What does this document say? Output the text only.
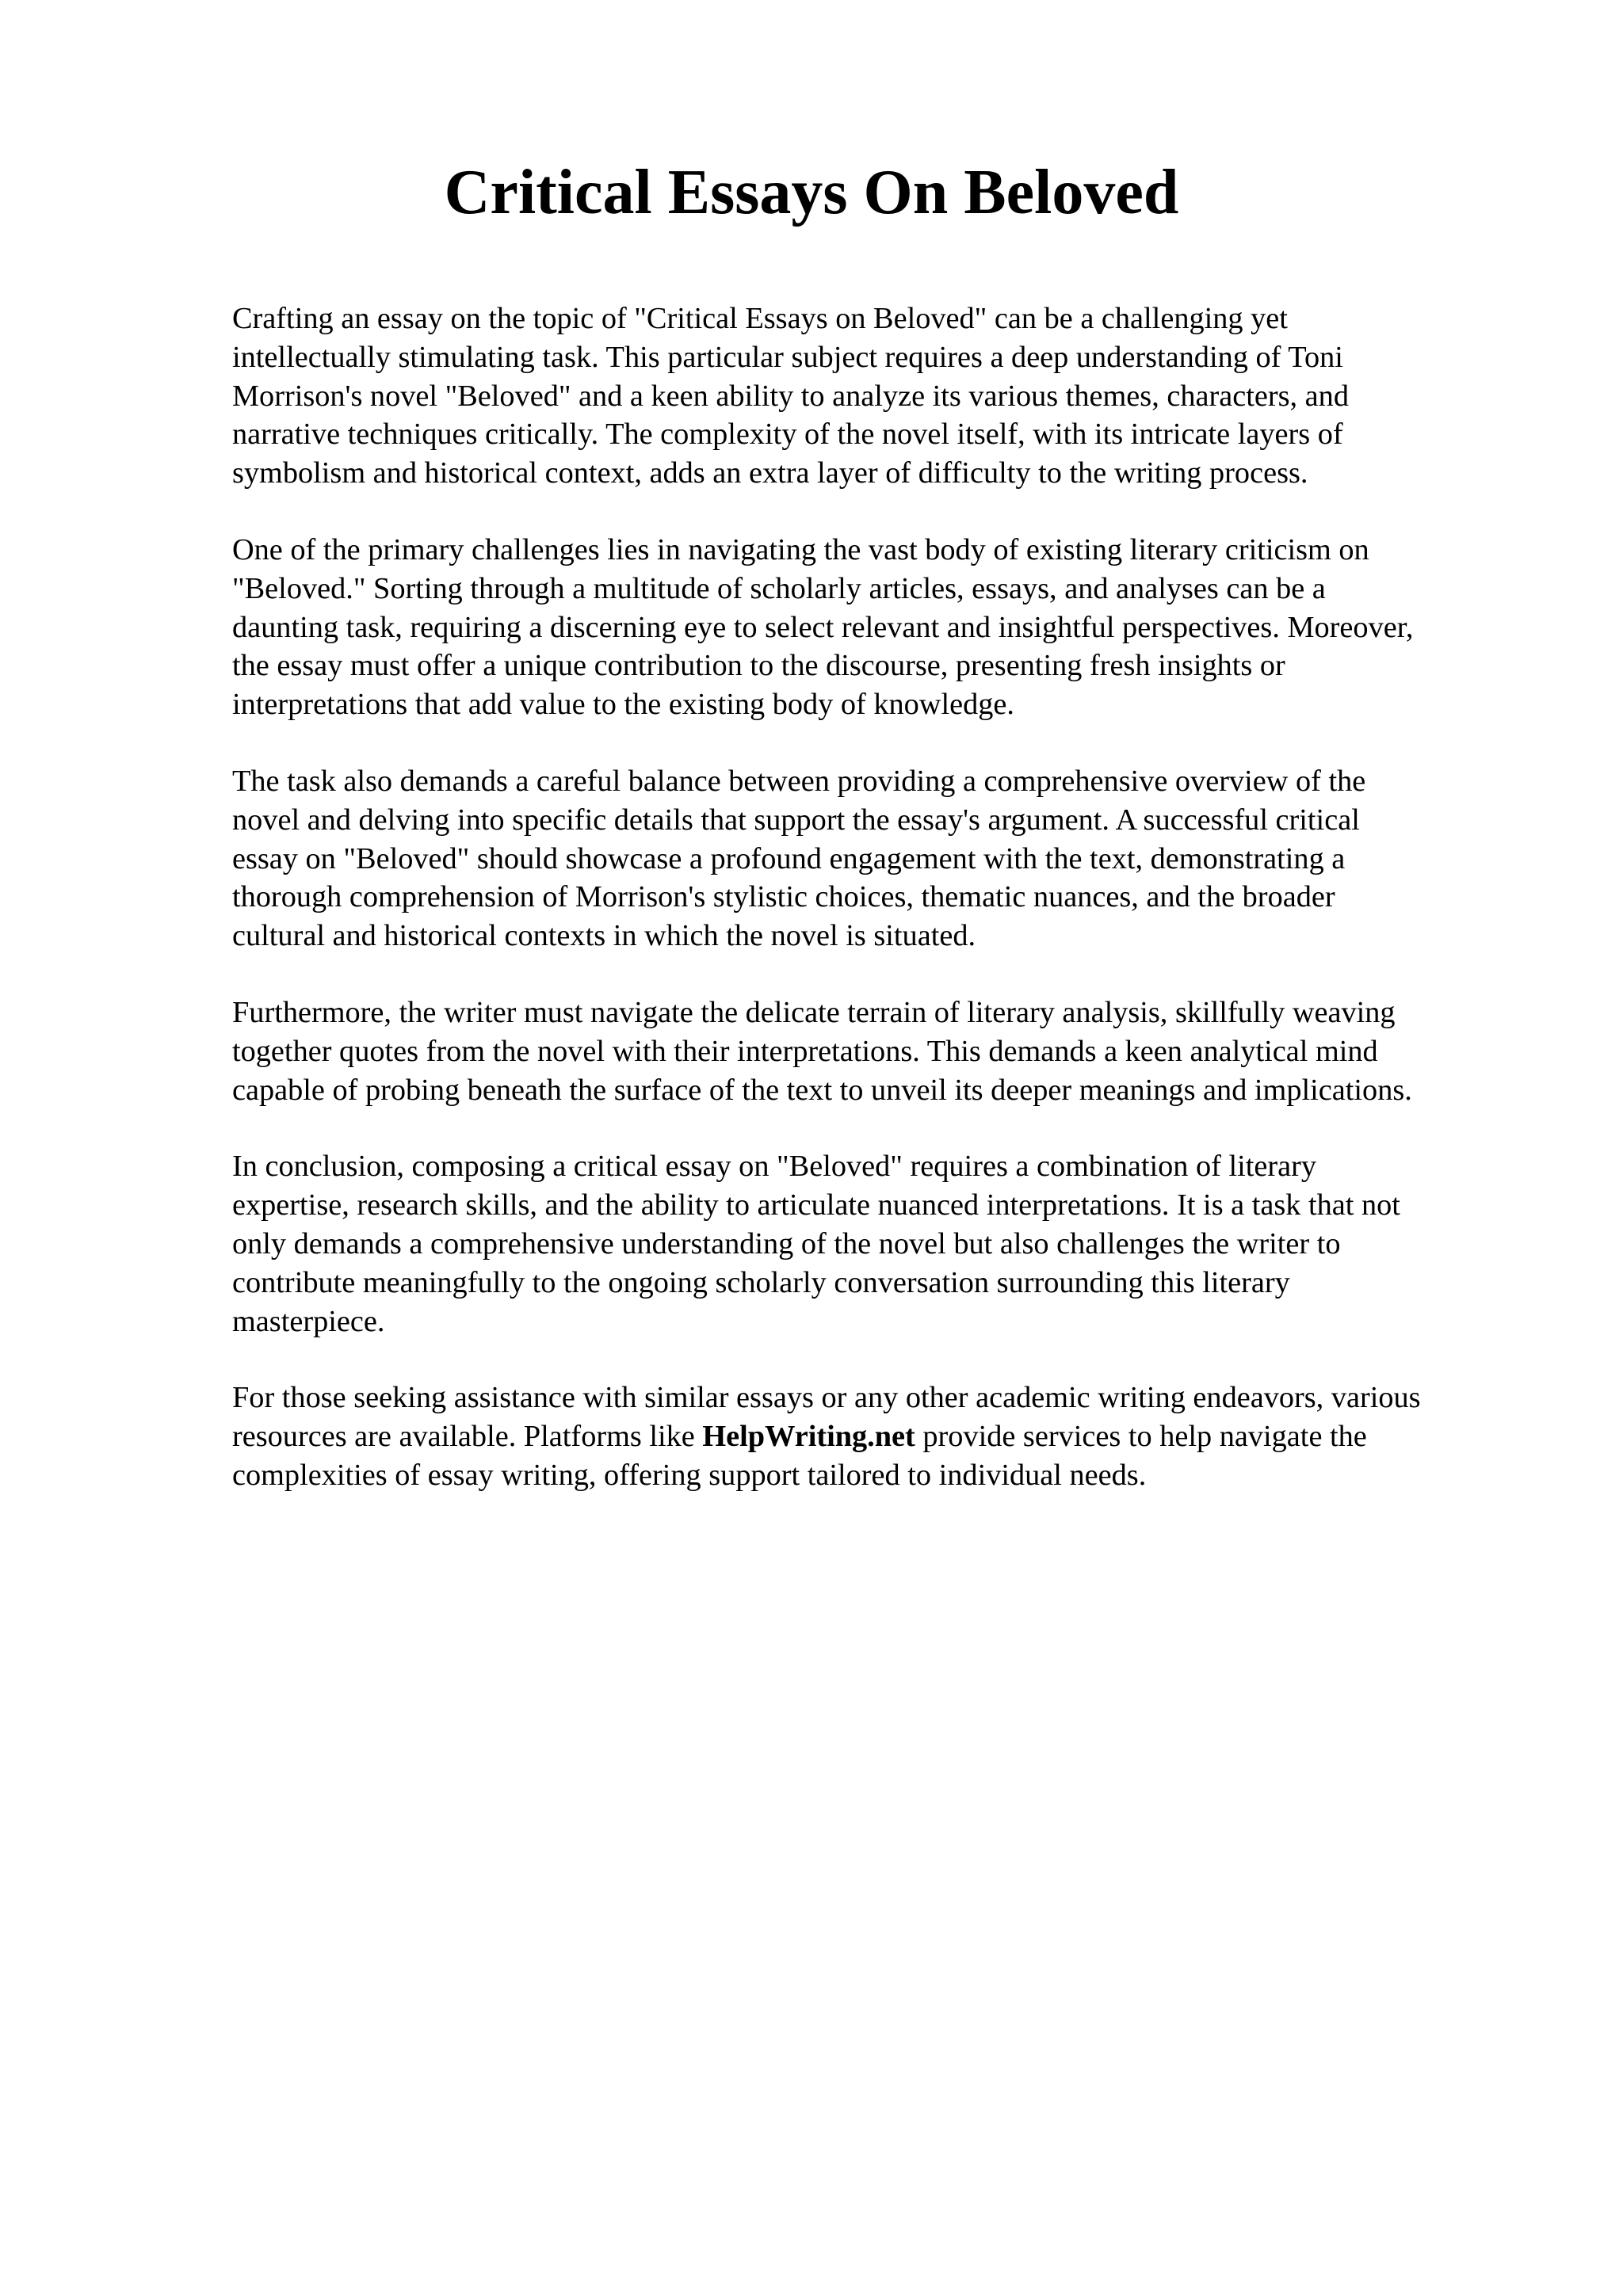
Critical Essays On Beloved

Crafting an essay on the topic of "Critical Essays on Beloved" can be a challenging yet
intellectually stimulating task. This particular subject requires a deep understanding of Toni
Morrison's novel "Beloved" and a keen ability to analyze its various themes, characters, and
narrative techniques critically. The complexity of the novel itself, with its intricate layers of
symbolism and historical context, adds an extra layer of difficulty to the writing process.

One of the primary challenges lies in navigating the vast body of existing literary criticism on
"Beloved." Sorting through a multitude of scholarly articles, essays, and analyses can be a
daunting task, requiring a discerning eye to select relevant and insightful perspectives. Moreover,
the essay must offer a unique contribution to the discourse, presenting fresh insights or
interpretations that add value to the existing body of knowledge.

The task also demands a careful balance between providing a comprehensive overview of the
novel and delving into specific details that support the essay's argument. A successful critical
essay on "Beloved" should showcase a profound engagement with the text, demonstrating a
thorough comprehension of Morrison's stylistic choices, thematic nuances, and the broader
cultural and historical contexts in which the novel is situated.

Furthermore, the writer must navigate the delicate terrain of literary analysis, skillfully weaving
together quotes from the novel with their interpretations. This demands a keen analytical mind
capable of probing beneath the surface of the text to unveil its deeper meanings and implications.

In conclusion, composing a critical essay on "Beloved" requires a combination of literary
expertise, research skills, and the ability to articulate nuanced interpretations. It is a task that not
only demands a comprehensive understanding of the novel but also challenges the writer to
contribute meaningfully to the ongoing scholarly conversation surrounding this literary
masterpiece.

For those seeking assistance with similar essays or any other academic writing endeavors, various
resources are available. Platforms like HelpWriting.net provide services to help navigate the
complexities of essay writing, offering support tailored to individual needs.
